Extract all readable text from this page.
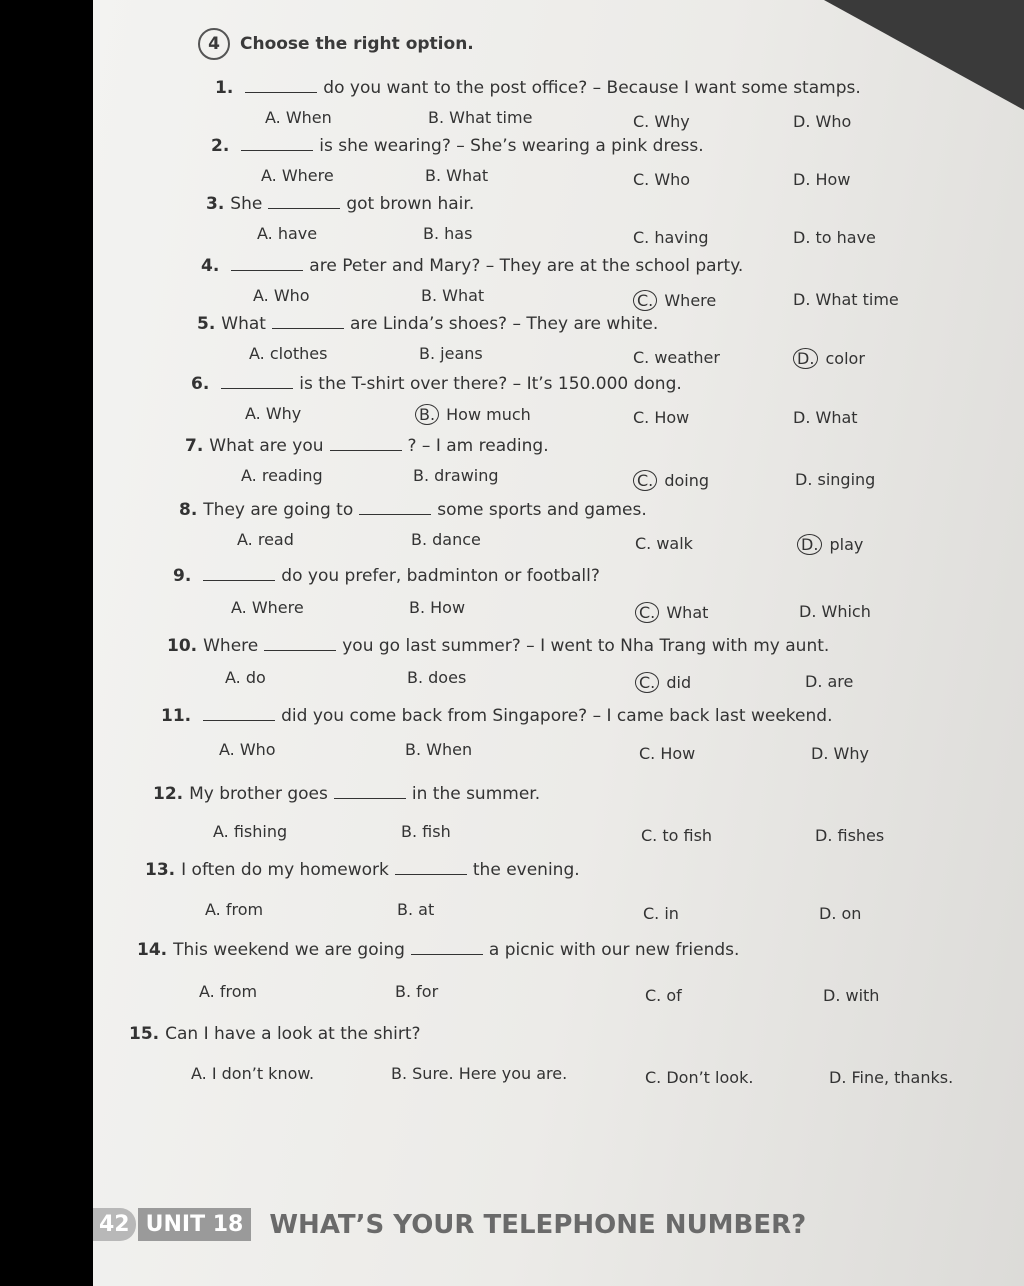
4	Choose the right option.
1.	do you want to the post office? – Because I want some stamps.
A. When	B. What time	C. Why	D. Who
2.	is she wearing? – She’s wearing a pink dress.
A. Where	B. What	C. Who	D. How
3. She	got brown hair.
A. have	B. has	C. having	D. to have
4.	are Peter and Mary? – They are at the school party.
A. Who	B. What	C. Where	D. What time
5. What	are Linda’s shoes? – They are white.
A. clothes	B. jeans	C. weather	D. color
6.	is the T-shirt over there? – It’s 150.000 dong.
A. Why	B. How much	C. How	D. What
7. What are you	? – I am reading.
A. reading	B. drawing	C. doing	D. singing
8. They are going to	some sports and games.
A. read	B. dance	C. walk	D. play
9.	do you prefer, badminton or football?
A. Where	B. How	C. What	D. Which
10. Where	you go last summer? – I went to Nha Trang with my aunt.
A. do	B. does	C. did	D. are
11.	did you come back from Singapore? – I came back last weekend.
A. Who	B. When	C. How	D. Why
12. My brother goes	in the summer.
A. fishing	B. fish	C. to fish	D. fishes
13. I often do my homework	the evening.
A. from	B. at	C. in	D. on
14. This weekend we are going	a picnic with our new friends.
A. from	B. for	C. of	D. with
15. Can I have a look at the shirt?
A. I don’t know.	B. Sure. Here you are.	C. Don’t look.	D. Fine, thanks.
42 UNIT 18	WHAT’S YOUR TELEPHONE NUMBER?
